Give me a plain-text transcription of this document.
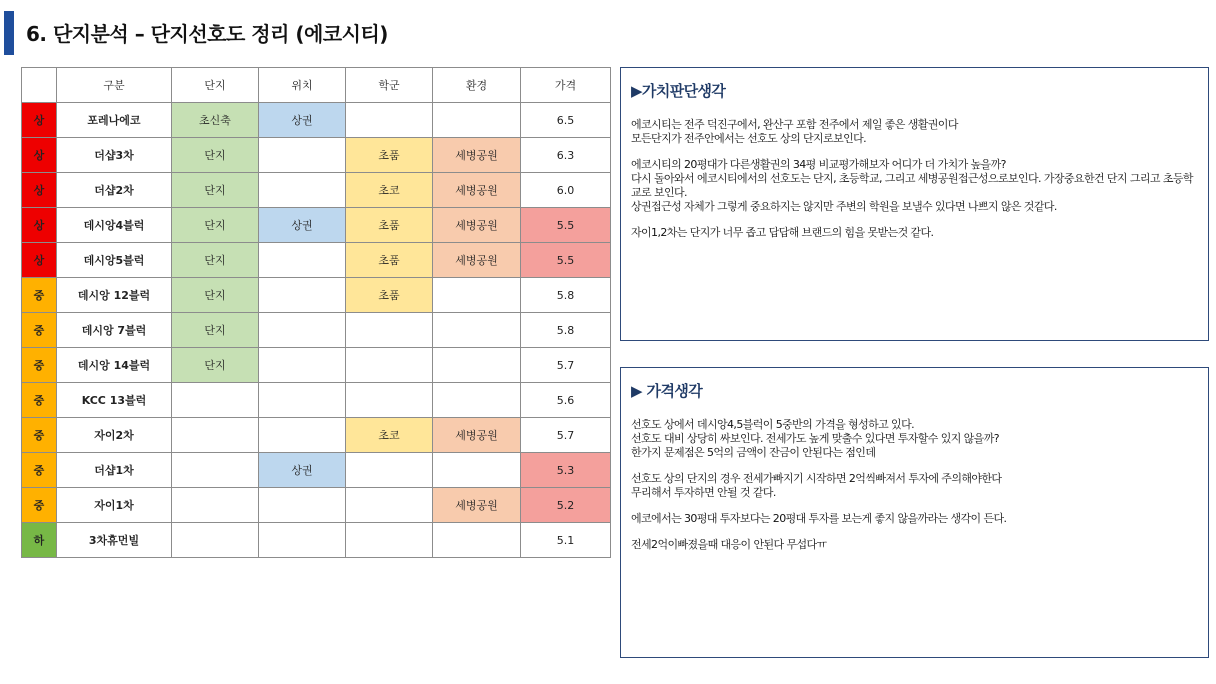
6. 단지분석 – 단지선호도 정리 (에코시티)
	구분	단지	위치	학군	환경	가격
상	포레나에코	초신축	상권			6.5
상	더샵3차	단지		초품	세병공원	6.3
상	더샵2차	단지		초코	세병공원	6.0
상	데시앙4블럭	단지	상권	초품	세병공원	5.5
상	데시앙5블럭	단지		초품	세병공원	5.5
중	데시앙 12블럭	단지		초품		5.8
중	데시앙 7블럭	단지				5.8
중	데시앙 14블럭	단지				5.7
중	KCC 13블럭					5.6
중	자이2차			초코	세병공원	5.7
중	더샵1차		상권			5.3
중	자이1차				세병공원	5.2
하	3차휴먼빌					5.1
▶가치판단생각

에코시티는 전주 덕진구에서, 완산구 포함 전주에서 제일 좋은 생활권이다

모든단지가 전주안에서는 선호도 상의 단지로보인다.

에코시티의 20평대가 다른생활권의 34평 비교평가해보자 어디가 더 가치가 높을까?

다시 돌아와서 에코시티에서의 선호도는 단지, 초등학교, 그리고 세병공원접근성으로보인다. 가장중요한건 단지 그리고 초등학교로 보인다.

상권접근성 자체가 그렇게 중요하지는 않지만 주변의 학원을 보낼수 있다면 나쁘지 않은 것같다.

자이1,2차는 단지가 너무 좁고 답답해 브랜드의 힘을 못받는것 같다.

▶ 가격생각

선호도 상에서 데시앙4,5블럭이 5중반의 가격을 형성하고 있다.

선호도 대비 상당히 싸보인다. 전세가도 높게 맞출수 있다면 투자할수 있지 않을까?

한가지 문제점은 5억의 금액이 잔금이 안된다는 점인데

선호도 상의 단지의 경우 전세가빠지기 시작하면 2억씩빠져서 투자에 주의해야한다

무리해서 투자하면 안될 것 같다.

에코에서는 30평대 투자보다는 20평대 투자를 보는게 좋지 않을까라는 생각이 든다.

전세2억이빠졌을때 대응이 안된다 무섭다ㅠ
